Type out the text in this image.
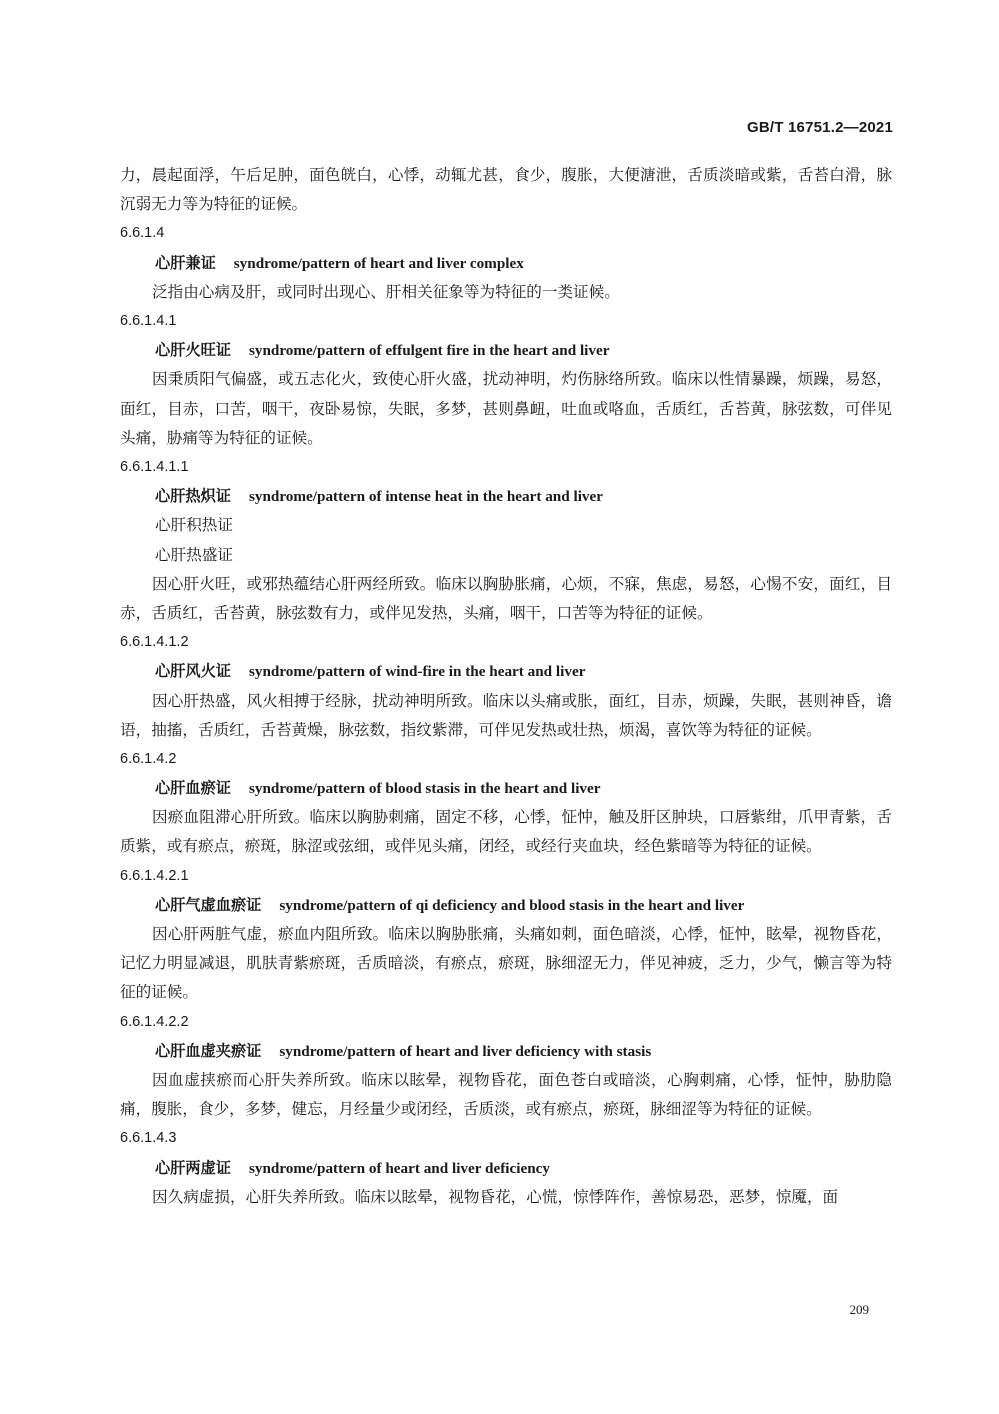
GB/T 16751.2—2021
力，晨起面浮，午后足肿，面色㿠白，心悸，动辄尤甚，食少，腹胀，大便溏泄，舌质淡暗或紫，舌苔白滑，脉沉弱无力等为特征的证候。
6.6.1.4
心肝兼证 syndrome/pattern of heart and liver complex
泛指由心病及肝，或同时出现心、肝相关征象等为特征的一类证候。
6.6.1.4.1
心肝火旺证 syndrome/pattern of effulgent fire in the heart and liver
因秉质阳气偏盛，或五志化火，致使心肝火盛，扰动神明，灼伤脉络所致。临床以性情暴躁，烦躁，易怒，面红，目赤，口苦，咽干，夜卧易惊，失眠，多梦，甚则鼻衄，吐血或咯血，舌质红，舌苔黄，脉弦数，可伴见头痛，胁痛等为特征的证候。
6.6.1.4.1.1
心肝热炽证 syndrome/pattern of intense heat in the heart and liver
心肝积热证
心肝热盛证
因心肝火旺，或邪热蕴结心肝两经所致。临床以胸胁胀痛，心烦，不寐，焦虑，易怒，心惕不安，面红，目赤，舌质红，舌苔黄，脉弦数有力，或伴见发热，头痛，咽干，口苦等为特征的证候。
6.6.1.4.1.2
心肝风火证 syndrome/pattern of wind-fire in the heart and liver
因心肝热盛，风火相搏于经脉，扰动神明所致。临床以头痛或胀，面红，目赤，烦躁，失眠，甚则神昏，谵语，抽搐，舌质红，舌苔黄燥，脉弦数，指纹紫滞，可伴见发热或壮热，烦渴，喜饮等为特征的证候。
6.6.1.4.2
心肝血瘀证 syndrome/pattern of blood stasis in the heart and liver
因瘀血阻滞心肝所致。临床以胸胁刺痛，固定不移，心悸，怔忡，触及肝区肿块，口唇紫绀，爪甲青紫，舌质紫，或有瘀点，瘀斑，脉涩或弦细，或伴见头痛，闭经，或经行夹血块，经色紫暗等为特征的证候。
6.6.1.4.2.1
心肝气虚血瘀证 syndrome/pattern of qi deficiency and blood stasis in the heart and liver
因心肝两脏气虚，瘀血内阻所致。临床以胸胁胀痛，头痛如刺，面色暗淡，心悸，怔忡，眩晕，视物昏花，记忆力明显减退，肌肤青紫瘀斑，舌质暗淡，有瘀点，瘀斑，脉细涩无力，伴见神疲，乏力，少气，懒言等为特征的证候。
6.6.1.4.2.2
心肝血虚夹瘀证 syndrome/pattern of heart and liver deficiency with stasis
因血虚挟瘀而心肝失养所致。临床以眩晕，视物昏花，面色苍白或暗淡，心胸刺痛，心悸，怔忡，胁肋隐痛，腹胀，食少，多梦，健忘，月经量少或闭经，舌质淡，或有瘀点，瘀斑，脉细涩等为特征的证候。
6.6.1.4.3
心肝两虚证 syndrome/pattern of heart and liver deficiency
因久病虚损，心肝失养所致。临床以眩晕，视物昏花，心慌，惊悸阵作，善惊易恐，恶梦，惊魇，面
209
